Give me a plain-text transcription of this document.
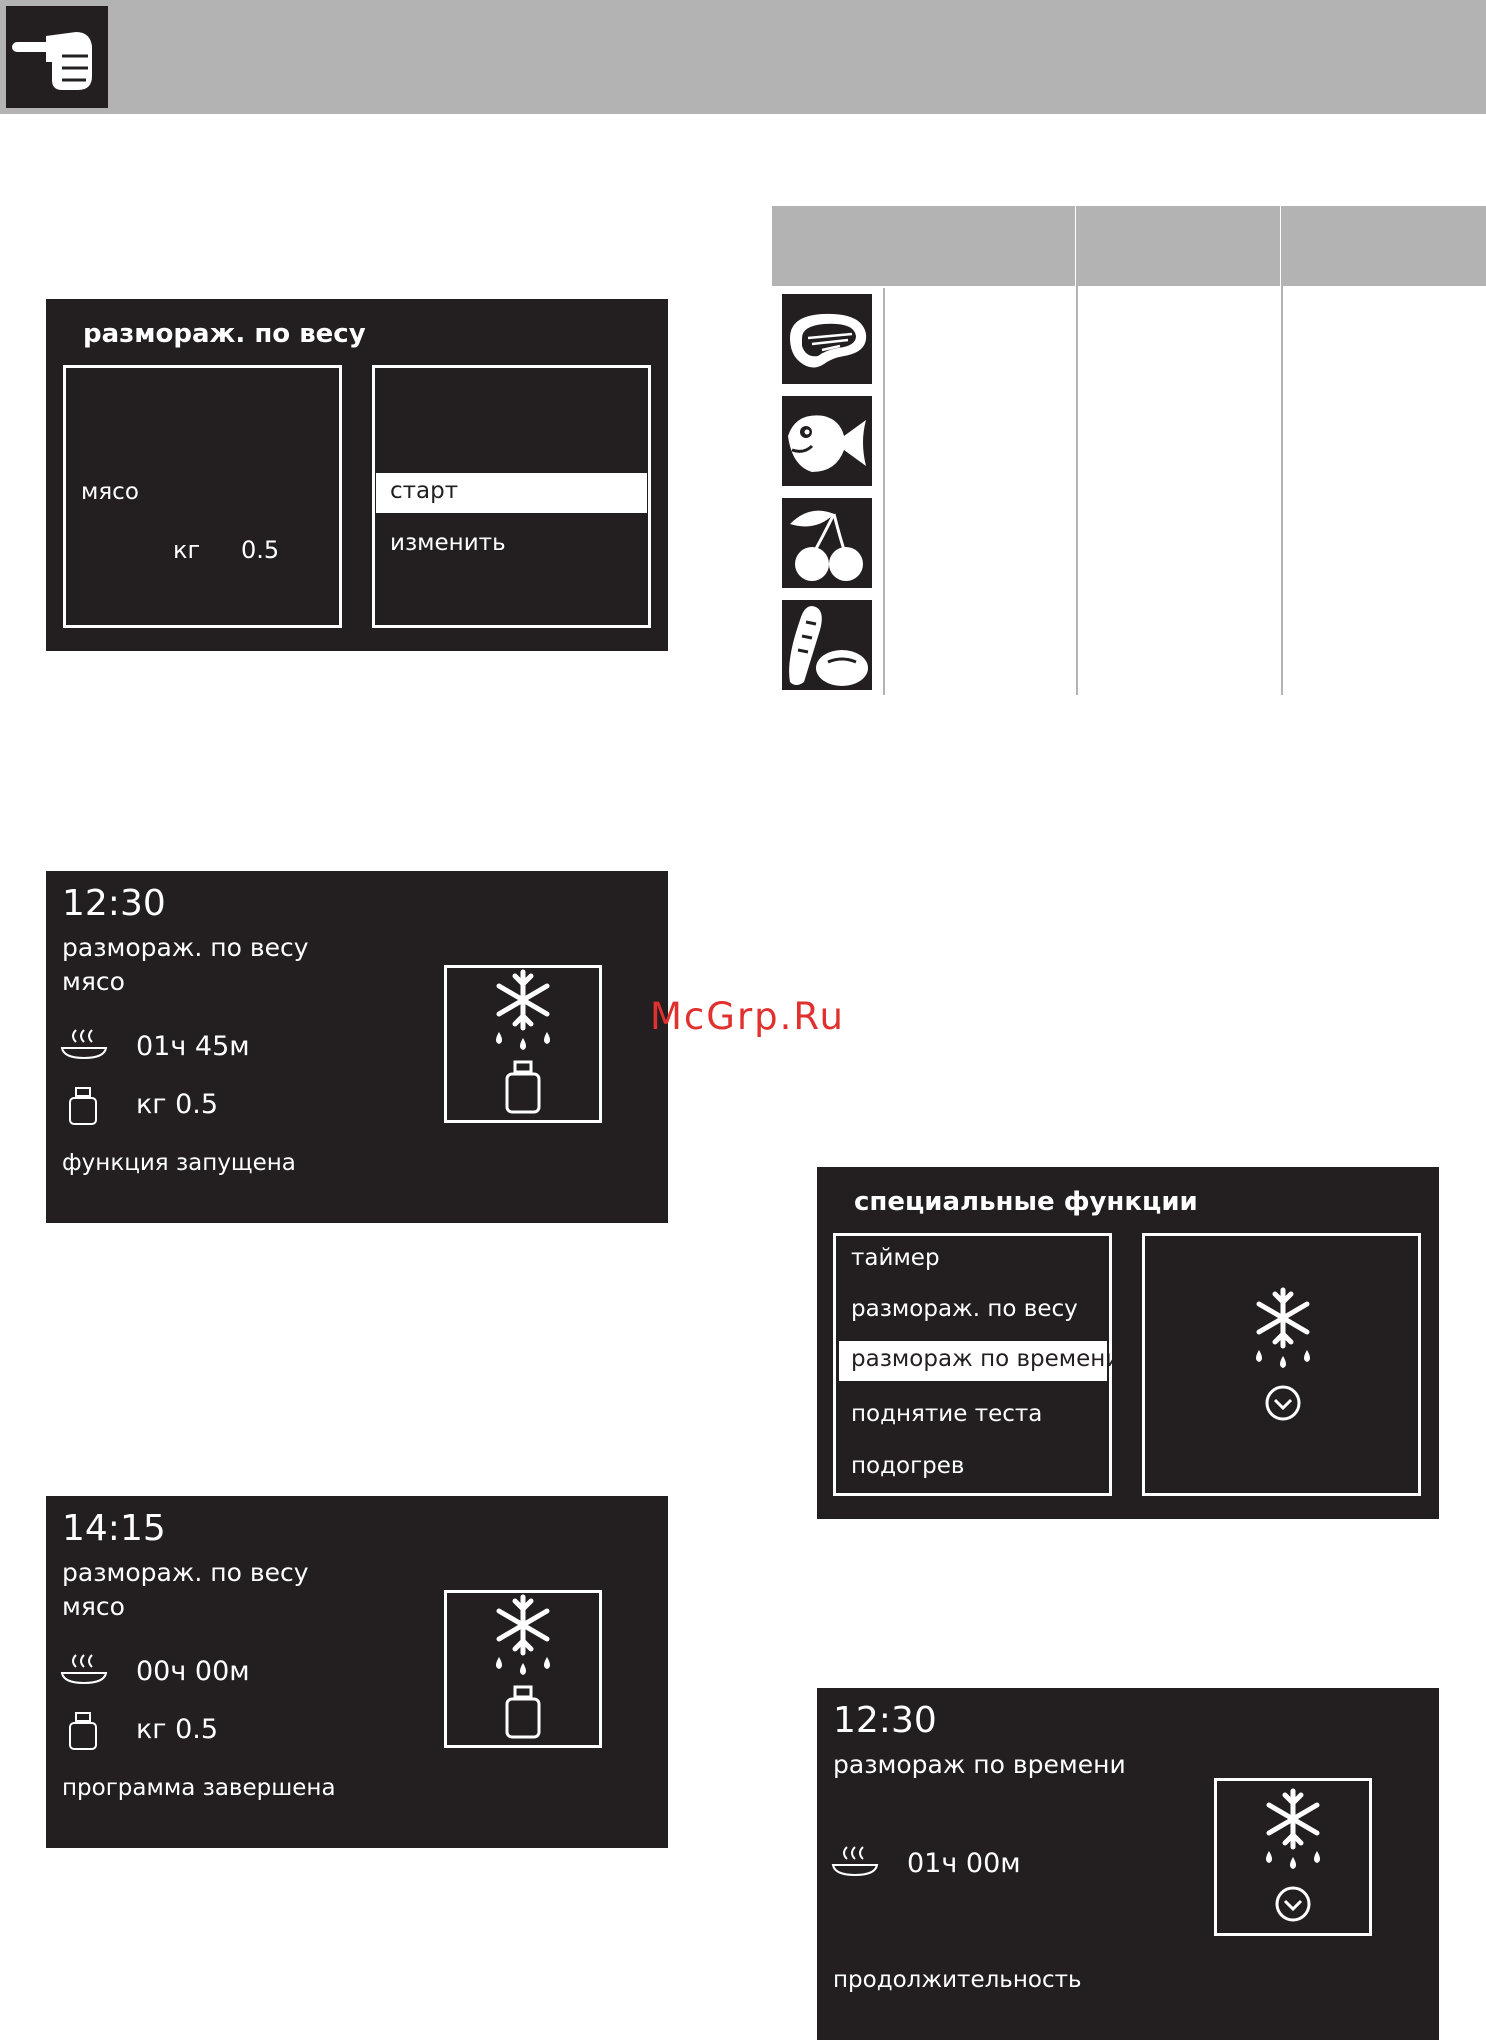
размораж. по весу
мясо
кг 0.5
старт
изменить
12:30
размораж. по весу
мясо
01ч 45м
кг 0.5
функция запущена
McGrp.Ru
специальные функции
таймер
размораж. по весу
размораж по времени
поднятие теста
подогрев
14:15
размораж. по весу
мясо
00ч 00м
кг 0.5
программа завершена
12:30
размораж по времени
01ч 00м
продолжительность
